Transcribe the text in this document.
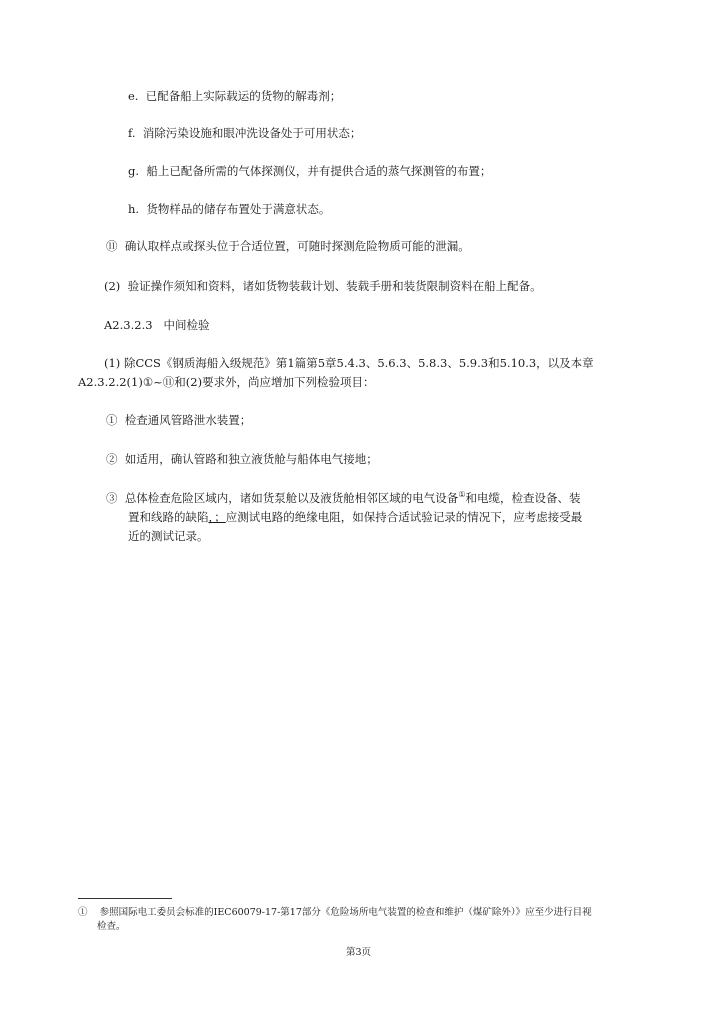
e. 已配备船上实际载运的货物的解毒剂；
f. 消除污染设施和眼冲洗设备处于可用状态；
g. 船上已配备所需的气体探测仪，并有提供合适的蒸气探测管的布置；
h. 货物样品的储存布置处于满意状态。
⑪ 确认取样点或探头位于合适位置，可随时探测危险物质可能的泄漏。
(2) 验证操作须知和资料，诸如货物装载计划、装载手册和装货限制资料在船上配备。
A2.3.2.3 中间检验
(1) 除CCS《钢质海船入级规范》第1篇第5章5.4.3、5.6.3、5.8.3、5.9.3和5.10.3，以及本章
A2.3.2.2(1)①~⑪和(2)要求外，尚应增加下列检验项目：
① 检查通风管路泄水装置；
② 如适用，确认管路和独立液货舱与船体电气接地；
③ 总体检查危险区域内，诸如货泵舱以及液货舱相邻区域的电气设备①和电缆，检查设备、装
置和线路的缺陷，；应测试电路的绝缘电阻，如保持合适试验记录的情况下，应考虑接受最
近的测试记录。
① 参照国际电工委员会标准的IEC60079-17-第17部分《危险场所电气装置的检查和维护（煤矿除外）》应至少进行目视
检查。
第3页
